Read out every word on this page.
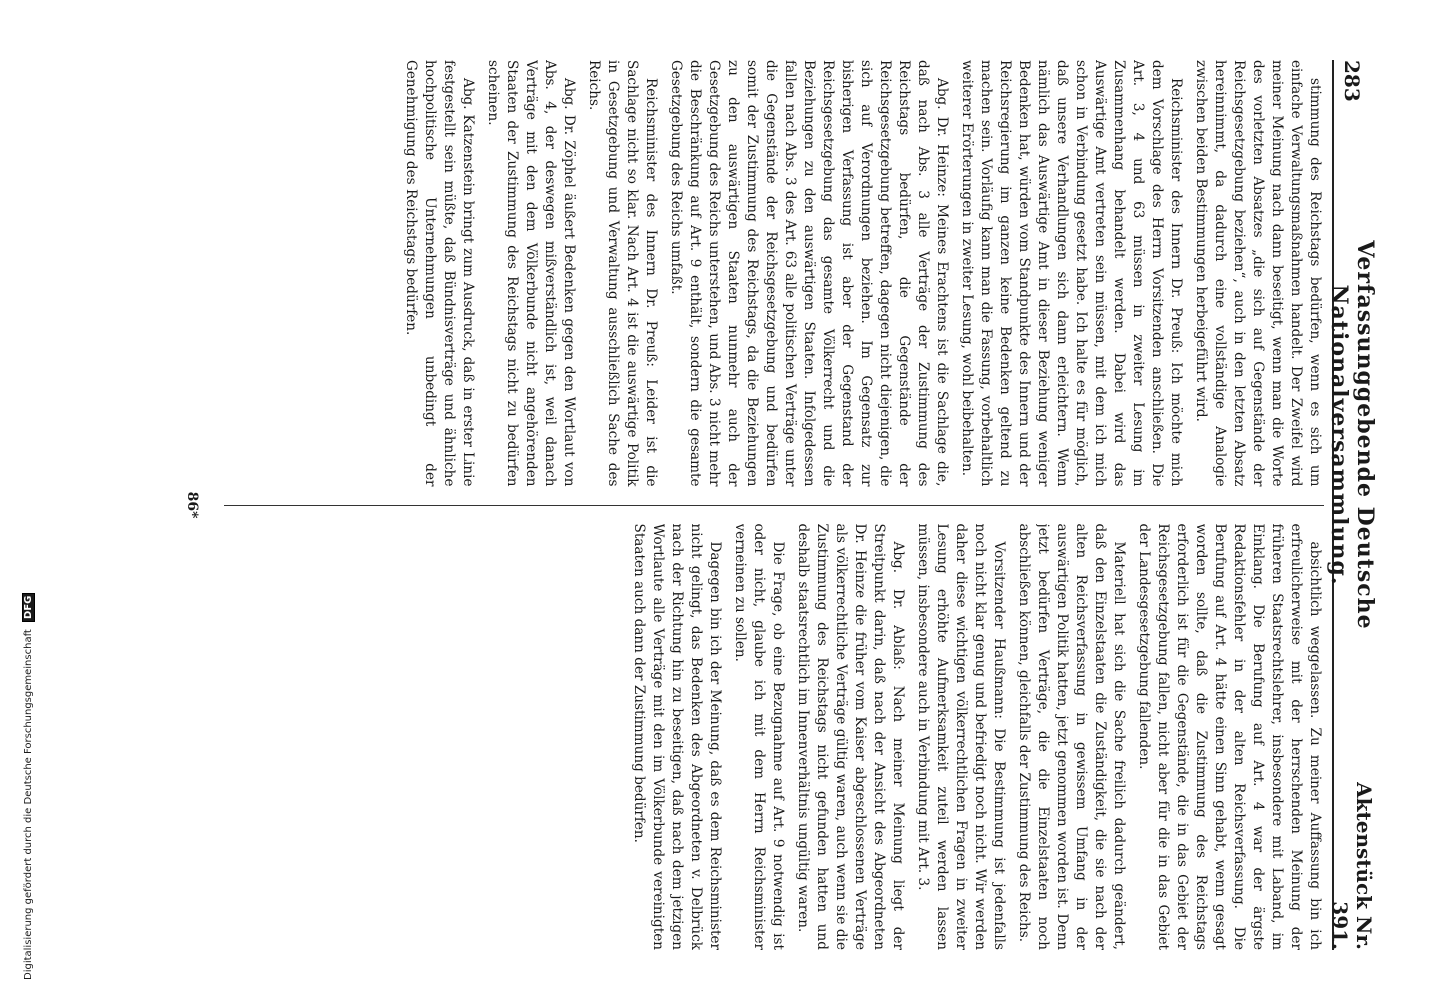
283
Verfassunggebende Deutsche Nationalversammlung.
Aktenstück Nr. 391.

stimmung des Reichstags bedürfen, wenn es sich um einfache Verwaltungsmaßnahmen handelt. Der Zweifel wird meiner Meinung nach dann beseitigt, wenn man die Worte des vorletzten Absatzes „die sich auf Gegenstände der Reichsgesetzgebung beziehen“, auch in den letzten Absatz hereinnimmt, da dadurch eine vollständige Analogie zwischen beiden Bestimmungen herbeigeführt wird.

Reichsminister des Innern Dr. Preuß: Ich möchte mich dem Vorschlage des Herrn Vorsitzenden anschließen. Die Art. 3, 4 und 63 müssen in zweiter Lesung im Zusammenhang behandelt werden. Dabei wird das Auswärtige Amt vertreten sein müssen, mit dem ich mich schon in Verbindung gesetzt habe. Ich halte es für möglich, daß unsere Verhandlungen sich dann erleichtern. Wenn nämlich das Auswärtige Amt in dieser Beziehung weniger Bedenken hat, würden vom Standpunkte des Innern und der Reichsregierung im ganzen keine Bedenken geltend zu machen sein. Vorläufig kann man die Fassung, vorbehaltlich weiterer Erörterungen in zweiter Lesung, wohl beibehalten.

Abg. Dr. Heinze: Meines Erachtens ist die Sachlage die, daß nach Abs. 3 alle Verträge der Zustimmung des Reichstags bedürfen, die Gegenstände der Reichsgesetzgebung betreffen, dagegen nicht diejenigen, die sich auf Verordnungen beziehen. Im Gegensatz zur bisherigen Verfassung ist aber der Gegenstand der Reichsgesetzgebung das gesamte Völkerrecht und die Beziehungen zu den auswärtigen Staaten. Infolgedessen fallen nach Abs. 3 des Art. 63 alle politischen Verträge unter die Gegenstände der Reichsgesetzgebung und bedürfen somit der Zustimmung des Reichstags, da die Beziehungen zu den auswärtigen Staaten nunmehr auch der Gesetzgebung des Reichs unterstehen, und Abs. 3 nicht mehr die Beschränkung auf Art. 9 enthält, sondern die gesamte Gesetzgebung des Reichs umfaßt.

Reichsminister des Innern Dr. Preuß: Leider ist die Sachlage nicht so klar. Nach Art. 4 ist die auswärtige Politik in Gesetzgebung und Verwaltung ausschließlich Sache des Reichs.

Abg. Dr. Zöphel äußert Bedenken gegen den Wortlaut von Abs. 4, der deswegen mißverständlich ist, weil danach Verträge mit den dem Völkerbunde nicht angehörenden Staaten der Zustimmung des Reichstags nicht zu bedürfen scheinen.

Abg. Katzenstein bringt zum Ausdruck, daß in erster Linie festgestellt sein müßte, daß Bündnisverträge und ähnliche hochpolitische Unternehmungen unbedingt der Genehmigung des Reichstags bedürfen.

absichtlich weggelassen. Zu meiner Auffassung bin ich erfreulicherweise mit der herrschenden Meinung der früheren Staatsrechtslehrer, insbesondere mit Laband, im Einklang. Die Berufung auf Art. 4 war der ärgste Redaktionsfehler in der alten Reichsverfassung. Die Berufung auf Art. 4 hätte einen Sinn gehabt, wenn gesagt worden sollte, daß die Zustimmung des Reichstags erforderlich ist für die Gegenstände, die in das Gebiet der Reichsgesetzgebung fallen, nicht aber für die in das Gebiet der Landesgesetzgebung fallenden.

Materiell hat sich die Sache freilich dadurch geändert, daß den Einzelstaaten die Zuständigkeit, die sie nach der alten Reichsverfassung in gewissem Umfang in der auswärtigen Politik hatten, jetzt genommen worden ist. Denn jetzt bedürfen Verträge, die die Einzelstaaten noch abschließen können, gleichfalls der Zustimmung des Reichs.

Vorsitzender Haußmann: Die Bestimmung ist jedenfalls noch nicht klar genug und befriedigt noch nicht. Wir werden daher diese wichtigen völkerrechtlichen Fragen in zweiter Lesung erhöhte Aufmerksamkeit zuteil werden lassen müssen, insbesondere auch in Verbindung mit Art. 3.

Abg. Dr. Ablaß: Nach meiner Meinung liegt der Streitpunkt darin, daß nach der Ansicht des Abgeordneten Dr. Heinze die früher vom Kaiser abgeschlossenen Verträge als völkerrechtliche Verträge gültig waren, auch wenn sie die Zustimmung des Reichstags nicht gefunden hatten und deshalb staatsrechtlich im Innenverhältnis ungültig waren.

Die Frage, ob eine Bezugnahme auf Art. 9 notwendig ist oder nicht, glaube ich mit dem Herrn Reichsminister verneinen zu sollen.

Dagegen bin ich der Meinung, daß es dem Reichsminister nicht gelingt, das Bedenken des Abgeordneten v. Delbrück nach der Richtung hin zu beseitigen, daß nach dem jetzigen Wortlaute alle Verträge mit den im Völkerbunde vereinigten Staaten auch dann der Zustimmung bedürfen.

86*
Digitalisierung gefördert durch die Deutsche Forschungsgemeinschaft DFG
